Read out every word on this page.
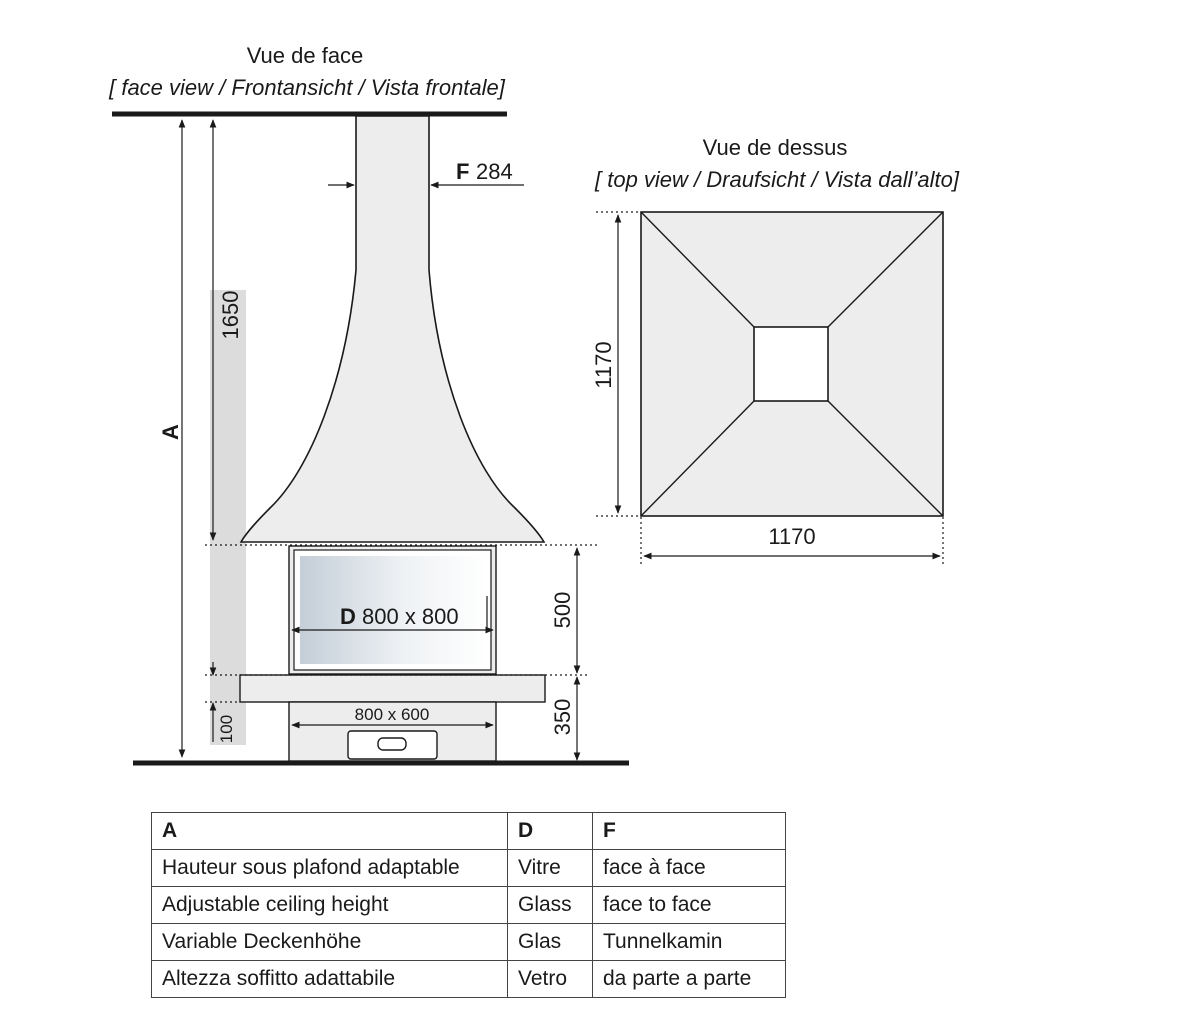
Vue de face
[ face view / Frontansicht / Vista frontale]
A
1650
100
F 284
D 800 x 800
800 x 600
500
350
Vue de dessus
[ top view / Draufsicht / Vista dall’alto]
1170
1170
A	D	F
Hauteur sous plafond adaptable	Vitre	face à face
Adjustable ceiling height	Glass	face to face
Variable Deckenhöhe	Glas	Tunnelkamin
Altezza soffitto adattabile	Vetro	da parte a parte
